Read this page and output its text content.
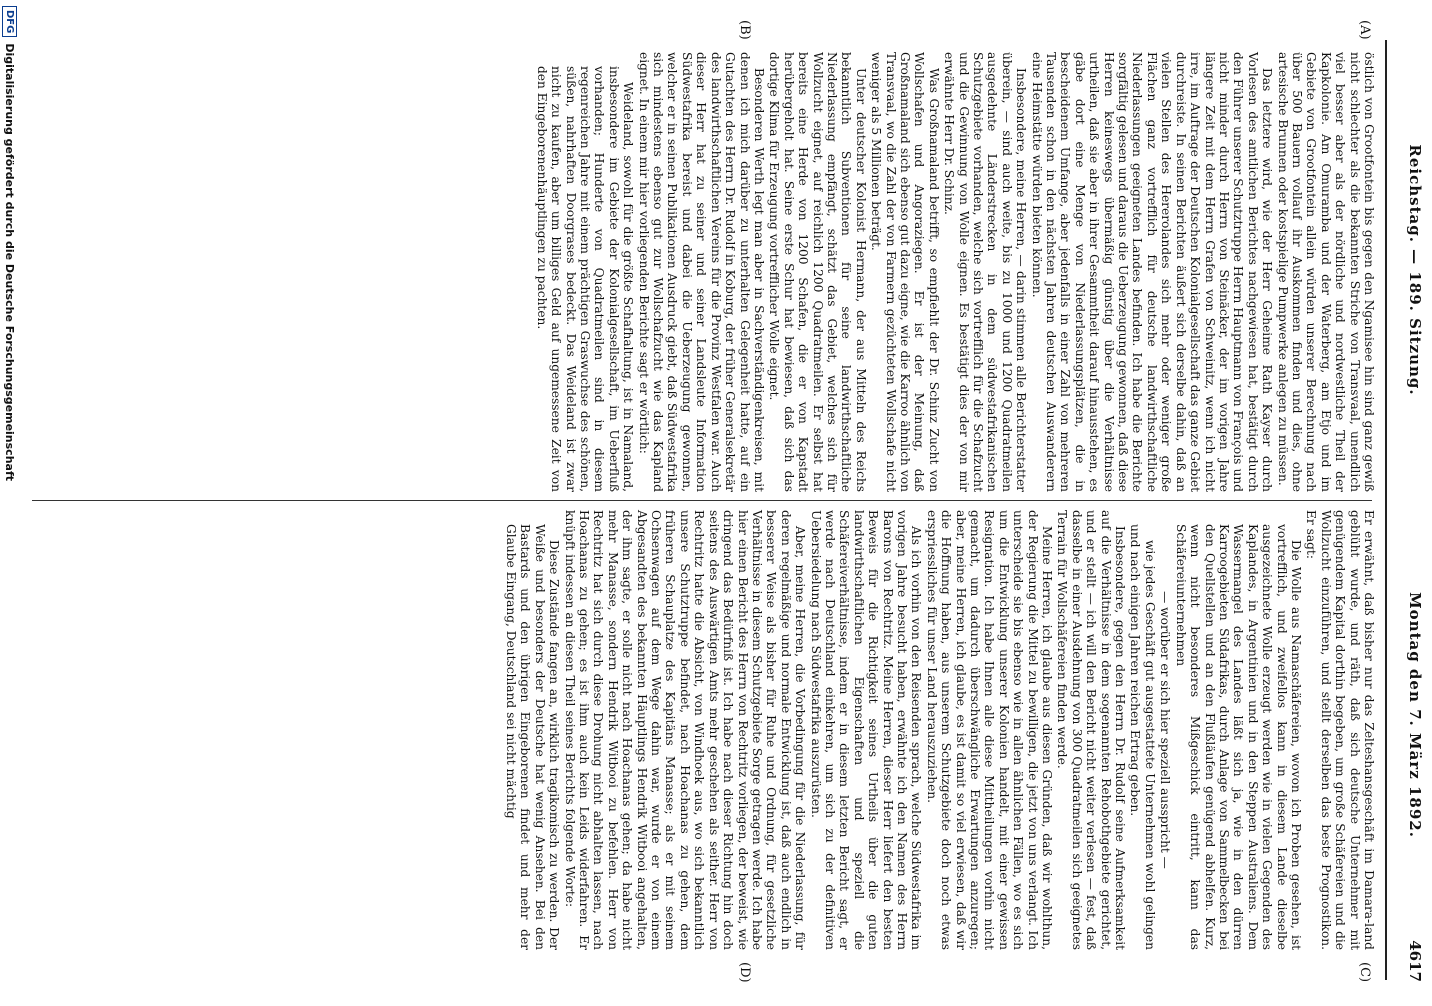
Reichstag. — 189. Sitzung.
Montag den 7. März 1892.
4617
(A)
(B)
(C)
(D)

östlich von Grootfontein bis gegen den Ngamisee hin sind ganz gewiß nicht schlechter als die bekannten Striche von Transvaal, unendlich viel besser aber als der nördliche und nordwestliche Theil der Kapkolonie. Am Omuramba und der Waterberg, am Etjo und im Gebiete von Grootfontein allein würden unserer Berechnung nach über 500 Bauern vollauf ihr Auskommen finden und dies, ohne artesische Brunnen oder kostspielige Pumpwerke anlegen zu müssen.

Das letztere wird, wie der Herr Geheime Rath Kayser durch Vorlesen des amtlichen Berichtes nachgewiesen hat, bestätigt durch den Führer unserer Schutztruppe Herrn Hauptmann von François und nicht minder durch Herrn von Steinäcker, der im vorigen Jahre längere Zeit mit dem Herrn Grafen von Schweinitz, wenn ich nicht irre, im Auftrage der Deutschen Kolonialgesellschaft das ganze Gebiet durchreiste. In seinen Berichten äußert sich derselbe dahin, daß an vielen Stellen des Hererolandes sich mehr oder weniger große Flächen ganz vortrefflich für deutsche landwirthschaftliche Niederlassungen geeigneten Landes befinden. Ich habe die Berichte sorgfältig gelesen und daraus die Ueberzeugung gewonnen, daß diese Herren keineswegs übermäßig günstig über die Verhältnisse urtheilen, daß sie aber in ihrer Gesammtheit darauf hinausstehen, es gäbe dort eine Menge von Niederlassungsplätzen, die in bescheidenem Umfange, aber jedenfalls in einer Zahl von mehreren Tausenden schon in den nächsten Jahren deutschen Auswanderern eine Heimstätte würden bieten können.

Insbesondere, meine Herren, — darin stimmen alle Berichterstatter überein, — sind auch weite, bis zu 1000 und 1200 Quadratmeilen ausgedehnte Länderstrecken in dem südwestafrikanischen Schutzgebiete vorhanden, welche sich vortrefflich für die Schafzucht und die Gewinnung von Wolle eignen. Es bestätigt dies der von mir erwähnte Herr Dr. Schinz.

Was Großnamaland betrifft, so empfiehlt der Dr. Schinz Zucht von Wollschafen und Angoraziegen. Er ist der Meinung, daß Großnamaland sich ebenso gut dazu eigne, wie die Karroo ähnlich von Transvaal, wo die Zahl der von Farmern gezüchteten Wollschafe nicht weniger als 5 Millionen beträgt.

Unter deutscher Kolonist Hermann, der aus Mitteln des Reichs bekanntlich Subventionen für seine landwirthschaftliche Niederlassung empfängt, schätzt das Gebiet, welches sich für Wollzucht eignet, auf reichlich 1200 Quadratmeilen. Er selbst hat bereits eine Herde von 1200 Schafen, die er von Kapstadt herübergeholt hat. Seine erste Schur hat bewiesen, daß sich das dortige Klima für Erzeugung vortrefflicher Wolle eignet.

Besonderen Werth legt man aber in Sachverständigenkreisen, mit denen ich mich darüber zu unterhalten Gelegenheit hatte, auf ein Gutachten des Herrn Dr. Rudolf in Koburg, der früher Generalsekretär des landwirthschaftlichen Vereins für die Provinz Westfalen war. Auch dieser Herr hat zu seiner und seiner Landsleute Information Südwestafrika bereist und dabei die Ueberzeugung gewonnen, welcher er in seinen Publikationen Ausdruck giebt, daß Südwestafrika sich mindestens ebenso gut zur Wollschafzucht wie das Kapland eignet. In einem mir hier vorliegenden Berichte sagt er wörtlich:

Weideland, sowohl für die größte Schafhaltung, ist in Namaland, insbesondere im Gebiete der Kolonialgesellschaft, im Ueberfluß vorhanden; Hunderte von Quadratmeilen sind in diesem regenreichen Jahre mit einem prächtigen Graswuchse des schönen, süßen, nahrhaften Doorgrases bedeckt. Das Weideland ist zwar nicht zu kaufen, aber um billiges Geld auf ungemessene Zeit von den Eingeborenenhäuptlingen zu pachten.

Er erwähnt, daß bisher nur das Zelteshansgeschäft im Damara-land geblüht wurde, und räth, daß sich deutsche Unternehmer mit genügendem Kapital dorthin begeben, um große Schäfereien und die Wollzucht einzuführen, und stellt derselben das beste Prognostikon. Er sagt:

Die Wolle aus Namaschäfereien, wovon ich Proben gesehen, ist vortrefflich, und zweifellos kann in diesem Lande dieselbe ausgezeichnete Wolle erzeugt werden wie in vielen Gegenden des Kaplandes, in Argentinien und in den Steppen Australiens. Dem Wassermangel des Landes läßt sich ja, wie in den dürren Karroogebieten Südafrikas, durch Anlage von Sammelbecken bei den Quellstellen und an den Flußläufen genügend abhelfen. Kurz, wenn nicht besonderes Mißgeschick eintritt, kann das Schäfereiunternehmen

— worüber er sich hier speziell ausspricht —

wie jedes Geschäft gut ausgestattete Unternehmen wohl gelingen und nach einigen Jahren reichen Ertrag geben.

Insbesondere, gegen den Herrn Dr. Rudolf seine Aufmerksamkeit auf die Verhältnisse in dem sogenannten Rehobothgebiete gerichtet, und er stellt — ich will den Bericht nicht weiter verlesen — fest, daß dasselbe in einer Ausdehnung von 300 Quadratmeilen sich geeignetes Terrain für Wollschäfereien finden werde.

Meine Herren, ich glaube aus diesen Gründen, daß wir wohlthun, der Regierung die Mittel zu bewilligen, die jetzt von uns verlangt. Ich unterscheide sie bis ebenso wie in allen ähnlichen Fällen, wo es sich um die Entwicklung unserer Kolonien handelt, mit einer gewissen Resignation. Ich habe Ihnen alle diese Mittheilungen vorhin nicht gemacht, um dadurch überschwängliche Erwartungen anzuregen; aber, meine Herren, ich glaube, es ist damit so viel erwiesen, daß wir die Hoffnung haben, aus unserem Schutzgebiete doch noch etwas erspriessliches für unser Land herauszuziehen.

Als ich vorhin von den Reisenden sprach, welche Südwestafrika im vorigen Jahre besucht haben, erwähnte ich den Namen des Herrn Barons von Rechtritz. Meine Herren, dieser Herr liefert den besten Beweis für die Richtigkeit seines Urtheils über die guten landwirthschaftlichen Eigenschaften und speziell die Schäfereiverhältnisse, indem er in diesem letzten Bericht sagt, er werde nach Deutschland einkehren, um sich zu der definitiven Uebersiedelung nach Südwestafrika auszurüsten.

Aber, meine Herren, die Vorbedingung für die Niederlassung, für deren regelmäßige und normale Entwicklung ist, daß auch endlich in besserer Weise als bisher für Ruhe und Ordnung, für gesetzliche Verhältnisse in diesem Schutzgebiete Sorge getragen werde. Ich habe hier einen Bericht des Herrn von Rechtritz vorliegen, der beweist, wie dringend das Bedürfniß ist. Ich habe nach dieser Richtung hin doch seitens des Auswärtigen Amts mehr geschehen als seither. Herr von Rechtritz hatte die Absicht, von Windhoek aus, wo sich bekanntlich unsere Schutztruppe befindet, nach Hoachanas zu gehen, dem früheren Schauplatze des Kapitäns Manasse; als er mit seinem Ochsenwagen auf dem Wege dahin war, wurde er von einem Abgesandten des bekannten Häuptlings Hendrik Witbooi angehalten, der ihm sagte, er solle nicht nach Hoachanas gehen; da habe nicht mehr Manasse, sondern Hendrik Witbooi zu befehlen. Herr von Rechtritz hat sich durch diese Drohung nicht abhalten lassen, nach Hoachanas zu gehen; es ist ihm auch kein Leids widerfahren. Er knüpft indessen an diesen Theil seines Berichts folgende Worte:

Diese Zustände fangen an, wirklich tragikomisch zu werden. Der Weiße und besonders der Deutsche hat wenig Ansehen. Bei den Bastards und den übrigen Eingeborenen findet und mehr der Glaube Eingang, Deutschland sei nicht mächtig

DFG
Digitalisierung gefördert durch die Deutsche Forschungsgemeinschaft
